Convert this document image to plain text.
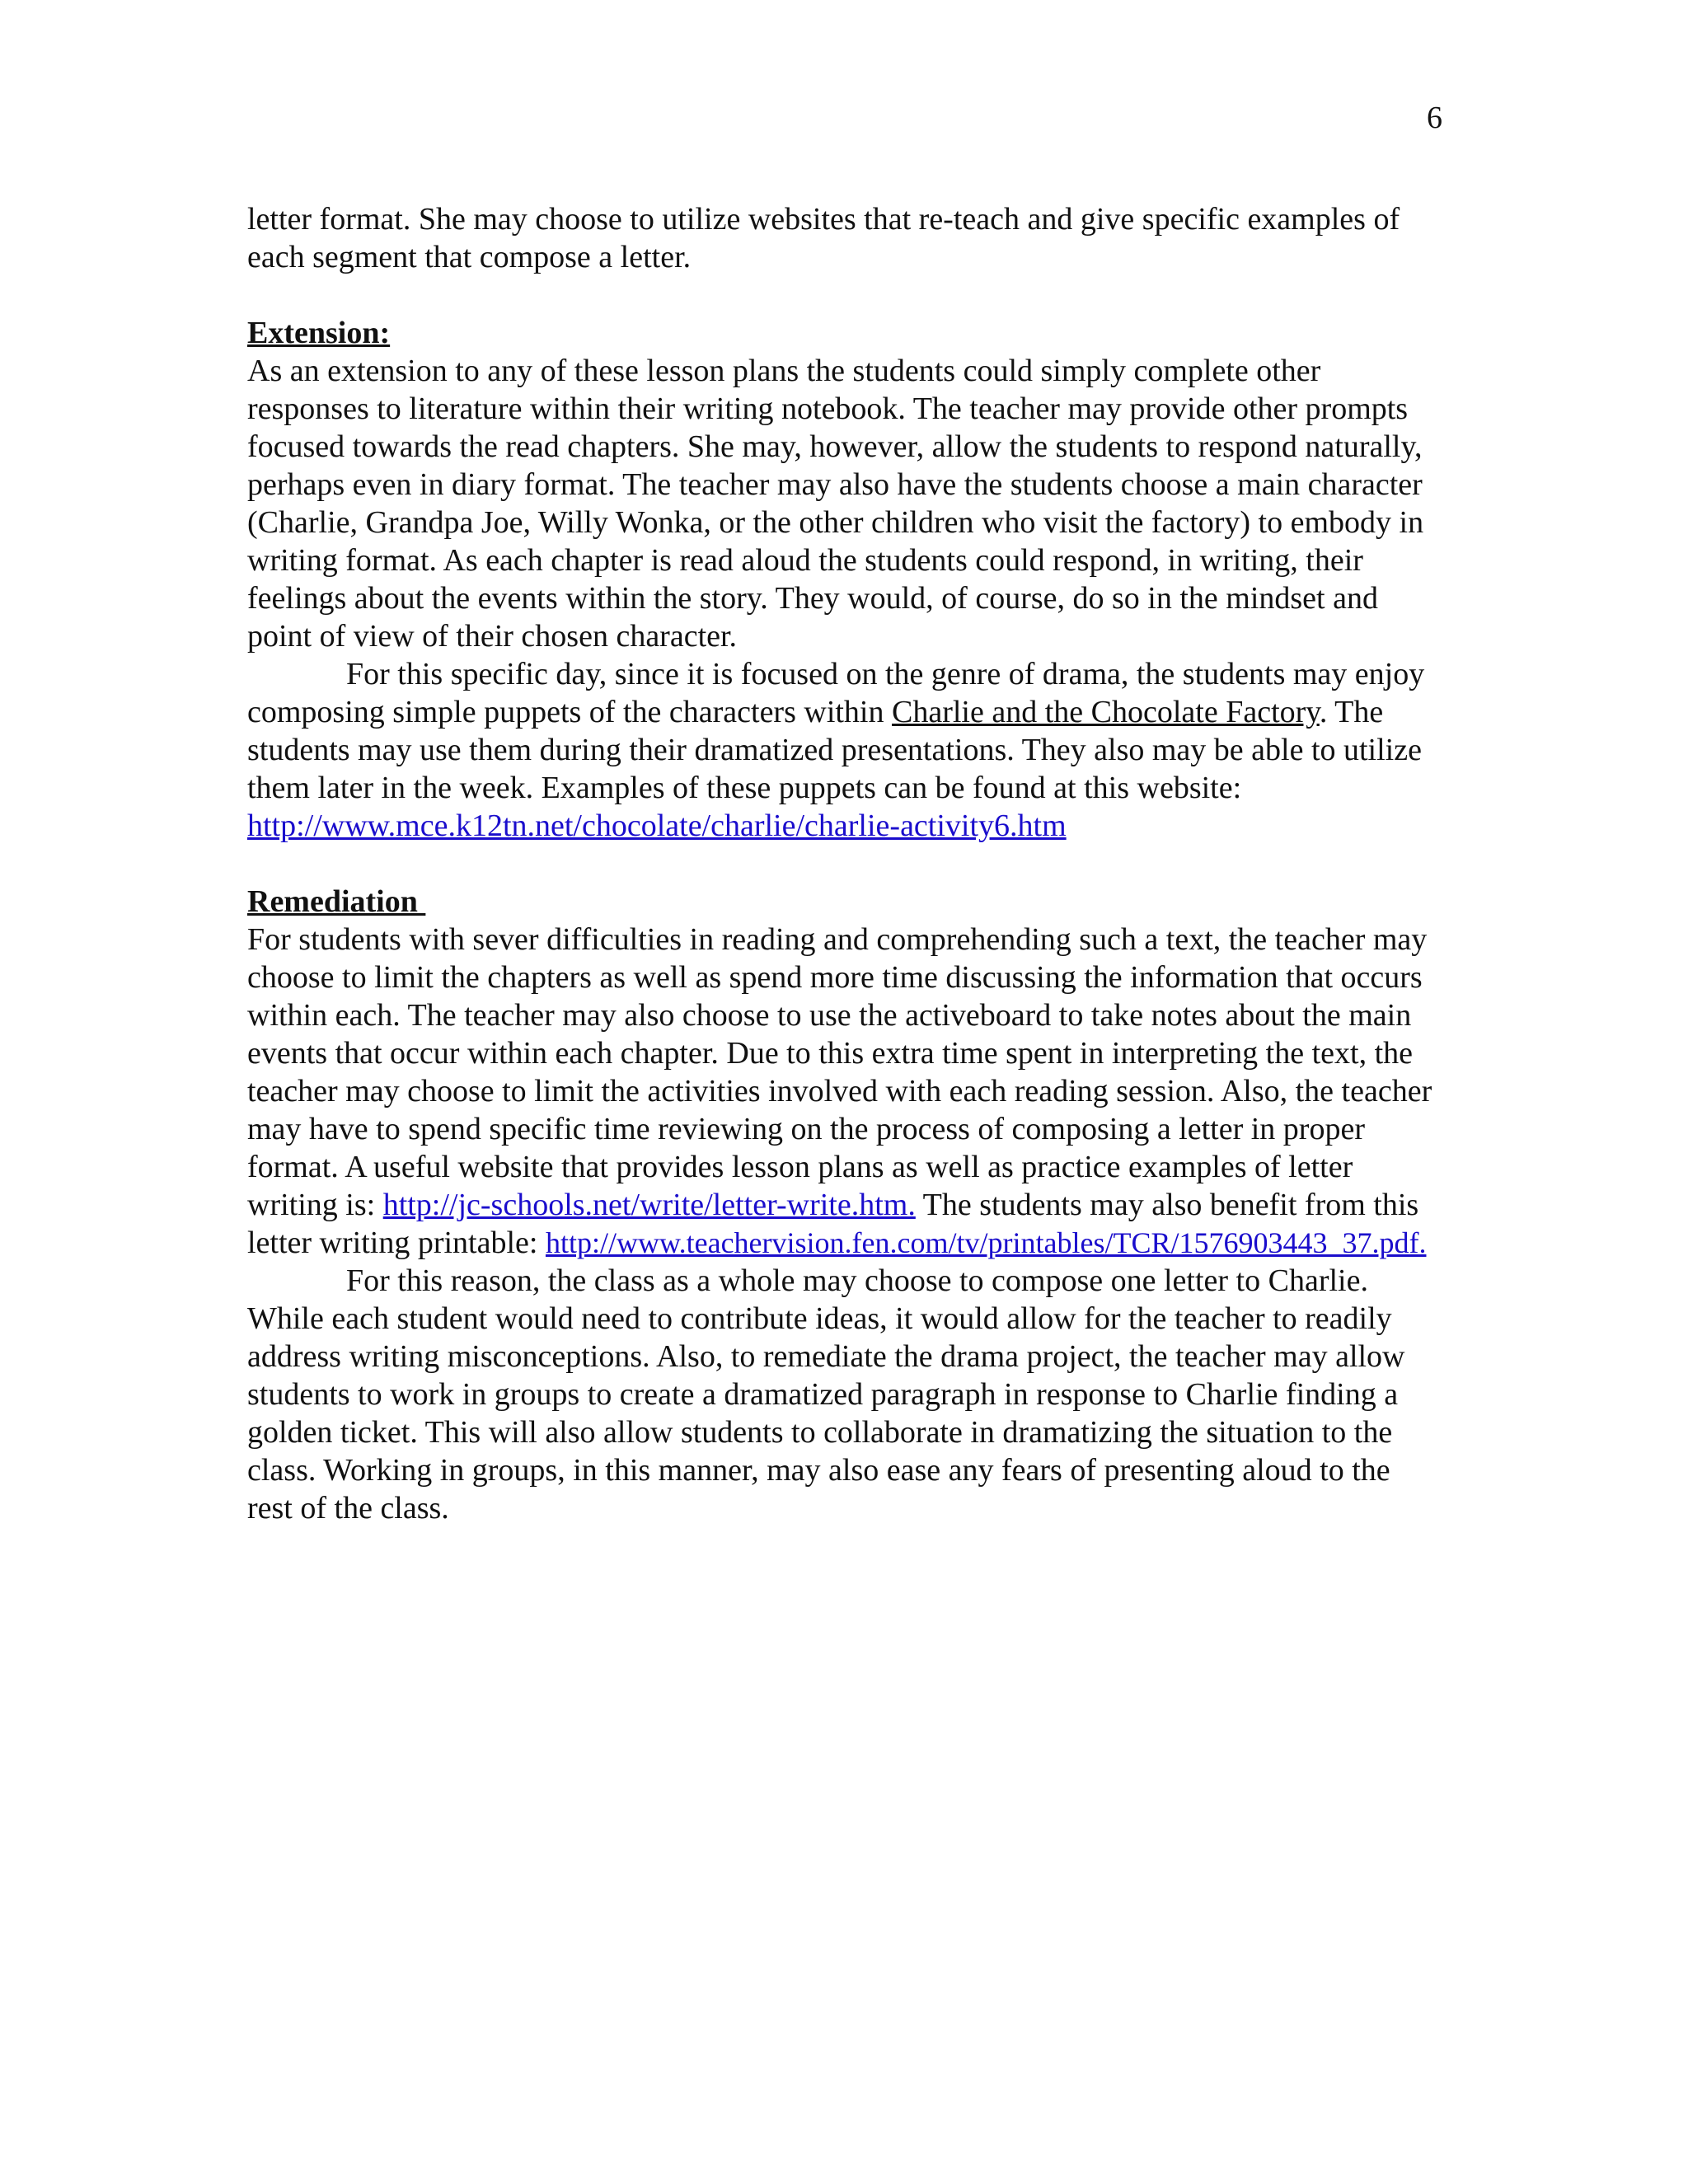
6

letter format. She may choose to utilize websites that re-teach and give specific examples of each segment that compose a letter.

Extension:

As an extension to any of these lesson plans the students could simply complete other responses to literature within their writing notebook. The teacher may provide other prompts focused towards the read chapters. She may, however, allow the students to respond naturally, perhaps even in diary format. The teacher may also have the students choose a main character (Charlie, Grandpa Joe, Willy Wonka, or the other children who visit the factory) to embody in writing format. As each chapter is read aloud the students could respond, in writing, their feelings about the events within the story. They would, of course, do so in the mindset and point of view of their chosen character.

For this specific day, since it is focused on the genre of drama, the students may enjoy composing simple puppets of the characters within Charlie and the Chocolate Factory. The students may use them during their dramatized presentations. They also may be able to utilize them later in the week. Examples of these puppets can be found at this website: http://www.mce.k12tn.net/chocolate/charlie/charlie-activity6.htm

Remediation

For students with sever difficulties in reading and comprehending such a text, the teacher may choose to limit the chapters as well as spend more time discussing the information that occurs within each. The teacher may also choose to use the activeboard to take notes about the main events that occur within each chapter. Due to this extra time spent in interpreting the text, the teacher may choose to limit the activities involved with each reading session. Also, the teacher may have to spend specific time reviewing on the process of composing a letter in proper format. A useful website that provides lesson plans as well as practice examples of letter writing is: http://jc-schools.net/write/letter-write.htm. The students may also benefit from this letter writing printable: http://www.teachervision.fen.com/tv/printables/TCR/1576903443_37.pdf.

For this reason, the class as a whole may choose to compose one letter to Charlie. While each student would need to contribute ideas, it would allow for the teacher to readily address writing misconceptions. Also, to remediate the drama project, the teacher may allow students to work in groups to create a dramatized paragraph in response to Charlie finding a golden ticket. This will also allow students to collaborate in dramatizing the situation to the class. Working in groups, in this manner, may also ease any fears of presenting aloud to the rest of the class.
